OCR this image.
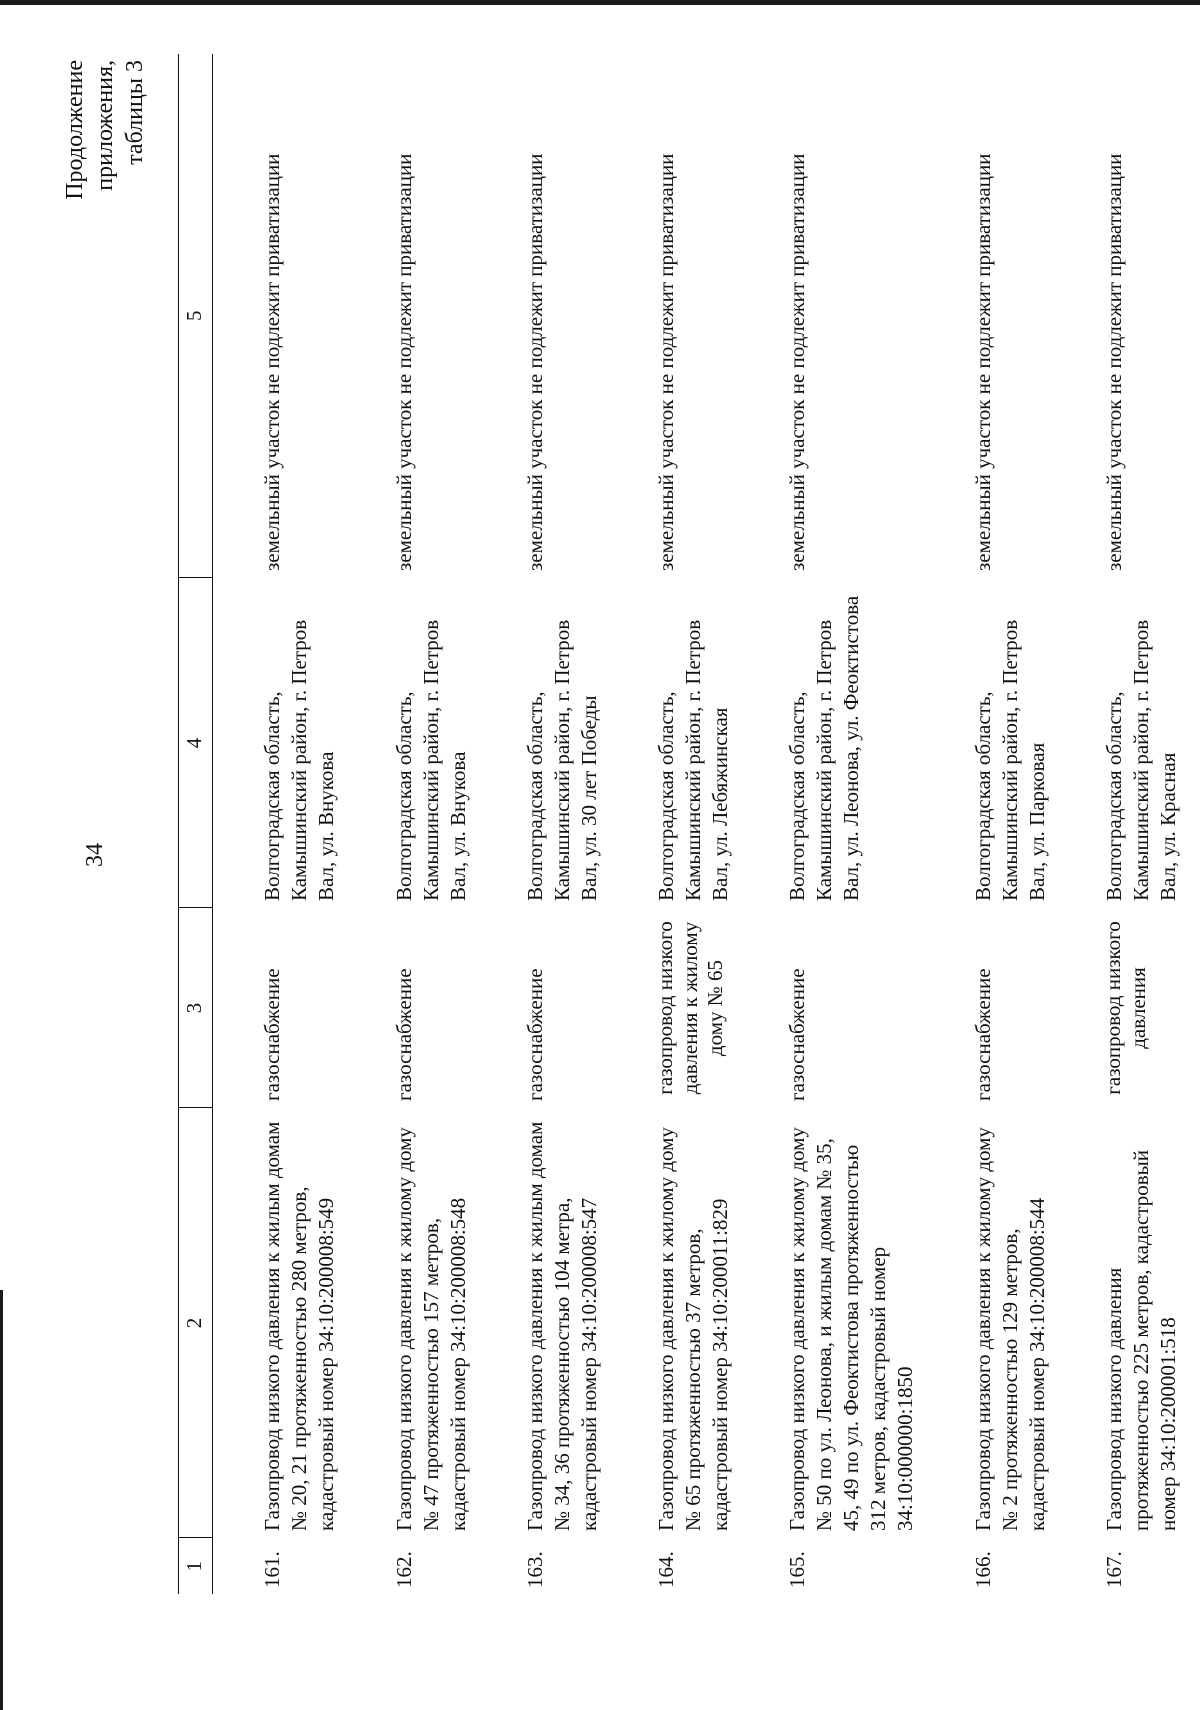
34
Продолжение приложения, таблицы 3
1	2	3	4	5
161.	Газопровод низкого давления к жилым домам № 20, 21 протяженностью 280 метров, кадастровый номер 34:10:200008:549	газоснабжение	Волгоградская область, Камышинский район, г. Петров Вал, ул. Внукова	земельный участок не подлежит приватизации
162.	Газопровод низкого давления к жилому дому № 47 протяженностью 157 метров, кадастровый номер 34:10:200008:548	газоснабжение	Волгоградская область, Камышинский район, г. Петров Вал, ул. Внукова	земельный участок не подлежит приватизации
163.	Газопровод низкого давления к жилым домам № 34, 36 протяженностью 104 метра, кадастровый номер 34:10:200008:547	газоснабжение	Волгоградская область, Камышинский район, г. Петров Вал, ул. 30 лет Победы	земельный участок не подлежит приватизации
164.	Газопровод низкого давления к жилому дому № 65 протяженностью 37 метров, кадастровый номер 34:10:200011:829	газопровод низкого давления к жилому дому № 65	Волгоградская область, Камышинский район, г. Петров Вал, ул. Лебяжинская	земельный участок не подлежит приватизации
165.	Газопровод низкого давления к жилому дому № 50 по ул. Леонова, и жилым домам № 35, 45, 49 по ул. Феоктистова протяженностью 312 метров, кадастровый номер 34:10:000000:1850	газоснабжение	Волгоградская область, Камышинский район, г. Петров Вал, ул. Леонова, ул. Феоктистова	земельный участок не подлежит приватизации
166.	Газопровод низкого давления к жилому дому № 2 протяженностью 129 метров, кадастровый номер 34:10:200008:544	газоснабжение	Волгоградская область, Камышинский район, г. Петров Вал, ул. Парковая	земельный участок не подлежит приватизации
167.	Газопровод низкого давления протяженностью 225 метров, кадастровый номер 34:10:200001:518	газопровод низкого давления	Волгоградская область, Камышинский район, г. Петров Вал, ул. Красная	земельный участок не подлежит приватизации
